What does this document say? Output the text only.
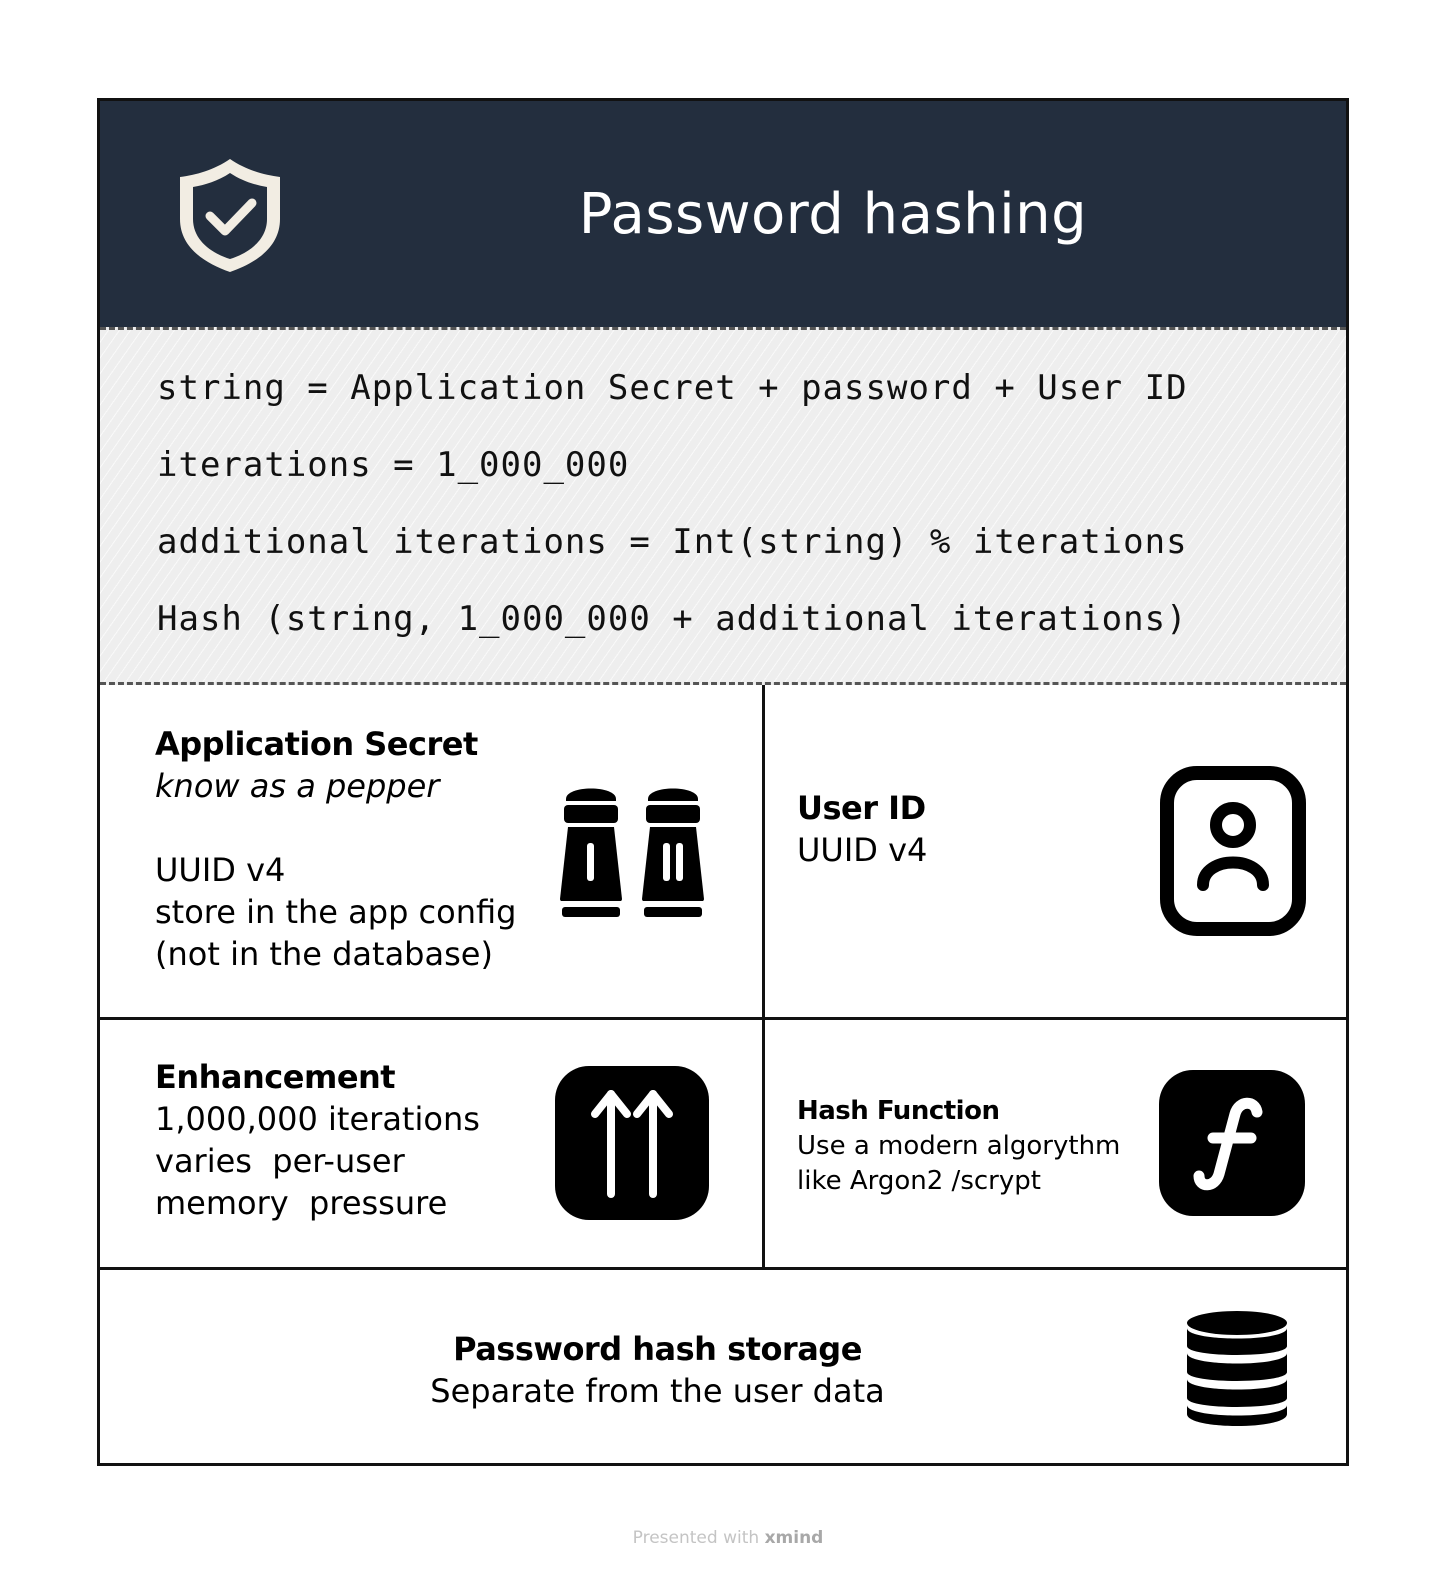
Password hashing
string = Application Secret + password + User ID
iterations = 1_000_000
additional iterations = Int(string) % iterations
Hash (string, 1_000_000 + additional iterations)
Application Secret
know as a pepper
UUID v4
store in the app config
(not in the database)
User ID
UUID v4
Enhancement
1,000,000 iterations
varies  per-user
memory  pressure
Hash Function
Use a modern algorythm
like Argon2 /scrypt
Password hash storage
Separate from the user data
Presented with xmind
